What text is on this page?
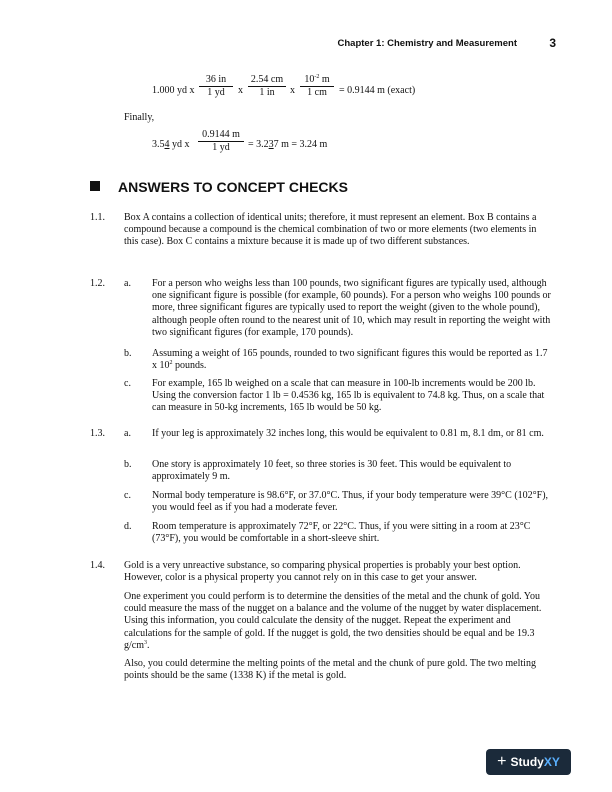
Chapter 1: Chemistry and Measurement	3
1.000 yd x $\frac{36 in}{1 yd}$ x $\frac{2.54 cm}{1 in}$ x $\frac{10^{-2} m}{1 cm} = 0.9144$ m (exact)
Finally,
3.54 yd x $\frac{0.9144 m}{1 yd} = 3.237$ m = 3.24 m
ANSWERS TO CONCEPT CHECKS
1.1. Box A contains a collection of identical units; therefore, it must represent an element. Box B contains a compound because a compound is the chemical combination of two or more elements (two elements in this case). Box C contains a mixture because it is made up of two different substances.
1.2. a. For a person who weighs less than 100 pounds, two significant figures are typically used, although one significant figure is possible (for example, 60 pounds). For a person who weighs 100 pounds or more, three significant figures are typically used to report the weight (given to the whole pound), although people often round to the nearest unit of 10, which may result in reporting the weight with two significant figures (for example, 170 pounds).
b. Assuming a weight of 165 pounds, rounded to two significant figures this would be reported as 1.7 x $10^2$ pounds.
c. For example, 165 lb weighed on a scale that can measure in 100-lb increments would be 200 lb. Using the conversion factor 1 lb = 0.4536 kg, 165 lb is equivalent to 74.8 kg. Thus, on a scale that can measure in 50-kg increments, 165 lb would be 50 kg.
1.3. a. If your leg is approximately 32 inches long, this would be equivalent to 0.81 m, 8.1 dm, or 81 cm.
b. One story is approximately 10 feet, so three stories is 30 feet. This would be equivalent to approximately 9 m.
c. Normal body temperature is 98.6°F, or 37.0°C. Thus, if your body temperature were 39°C (102°F), you would feel as if you had a moderate fever.
d. Room temperature is approximately 72°F, or 22°C. Thus, if you were sitting in a room at 23°C (73°F), you would be comfortable in a short-sleeve shirt.
1.4. Gold is a very unreactive substance, so comparing physical properties is probably your best option. However, color is a physical property you cannot rely on in this case to get your answer.
One experiment you could perform is to determine the densities of the metal and the chunk of gold. You could measure the mass of the nugget on a balance and the volume of the nugget by water displacement. Using this information, you could calculate the density of the nugget. Repeat the experiment and calculations for the sample of gold. If the nugget is gold, the two densities should be equal and be 19.3 $g/cm^3$.
Also, you could determine the melting points of the metal and the chunk of pure gold. The two melting points should be the same (1338 K) if the metal is gold.
+ Study XY
